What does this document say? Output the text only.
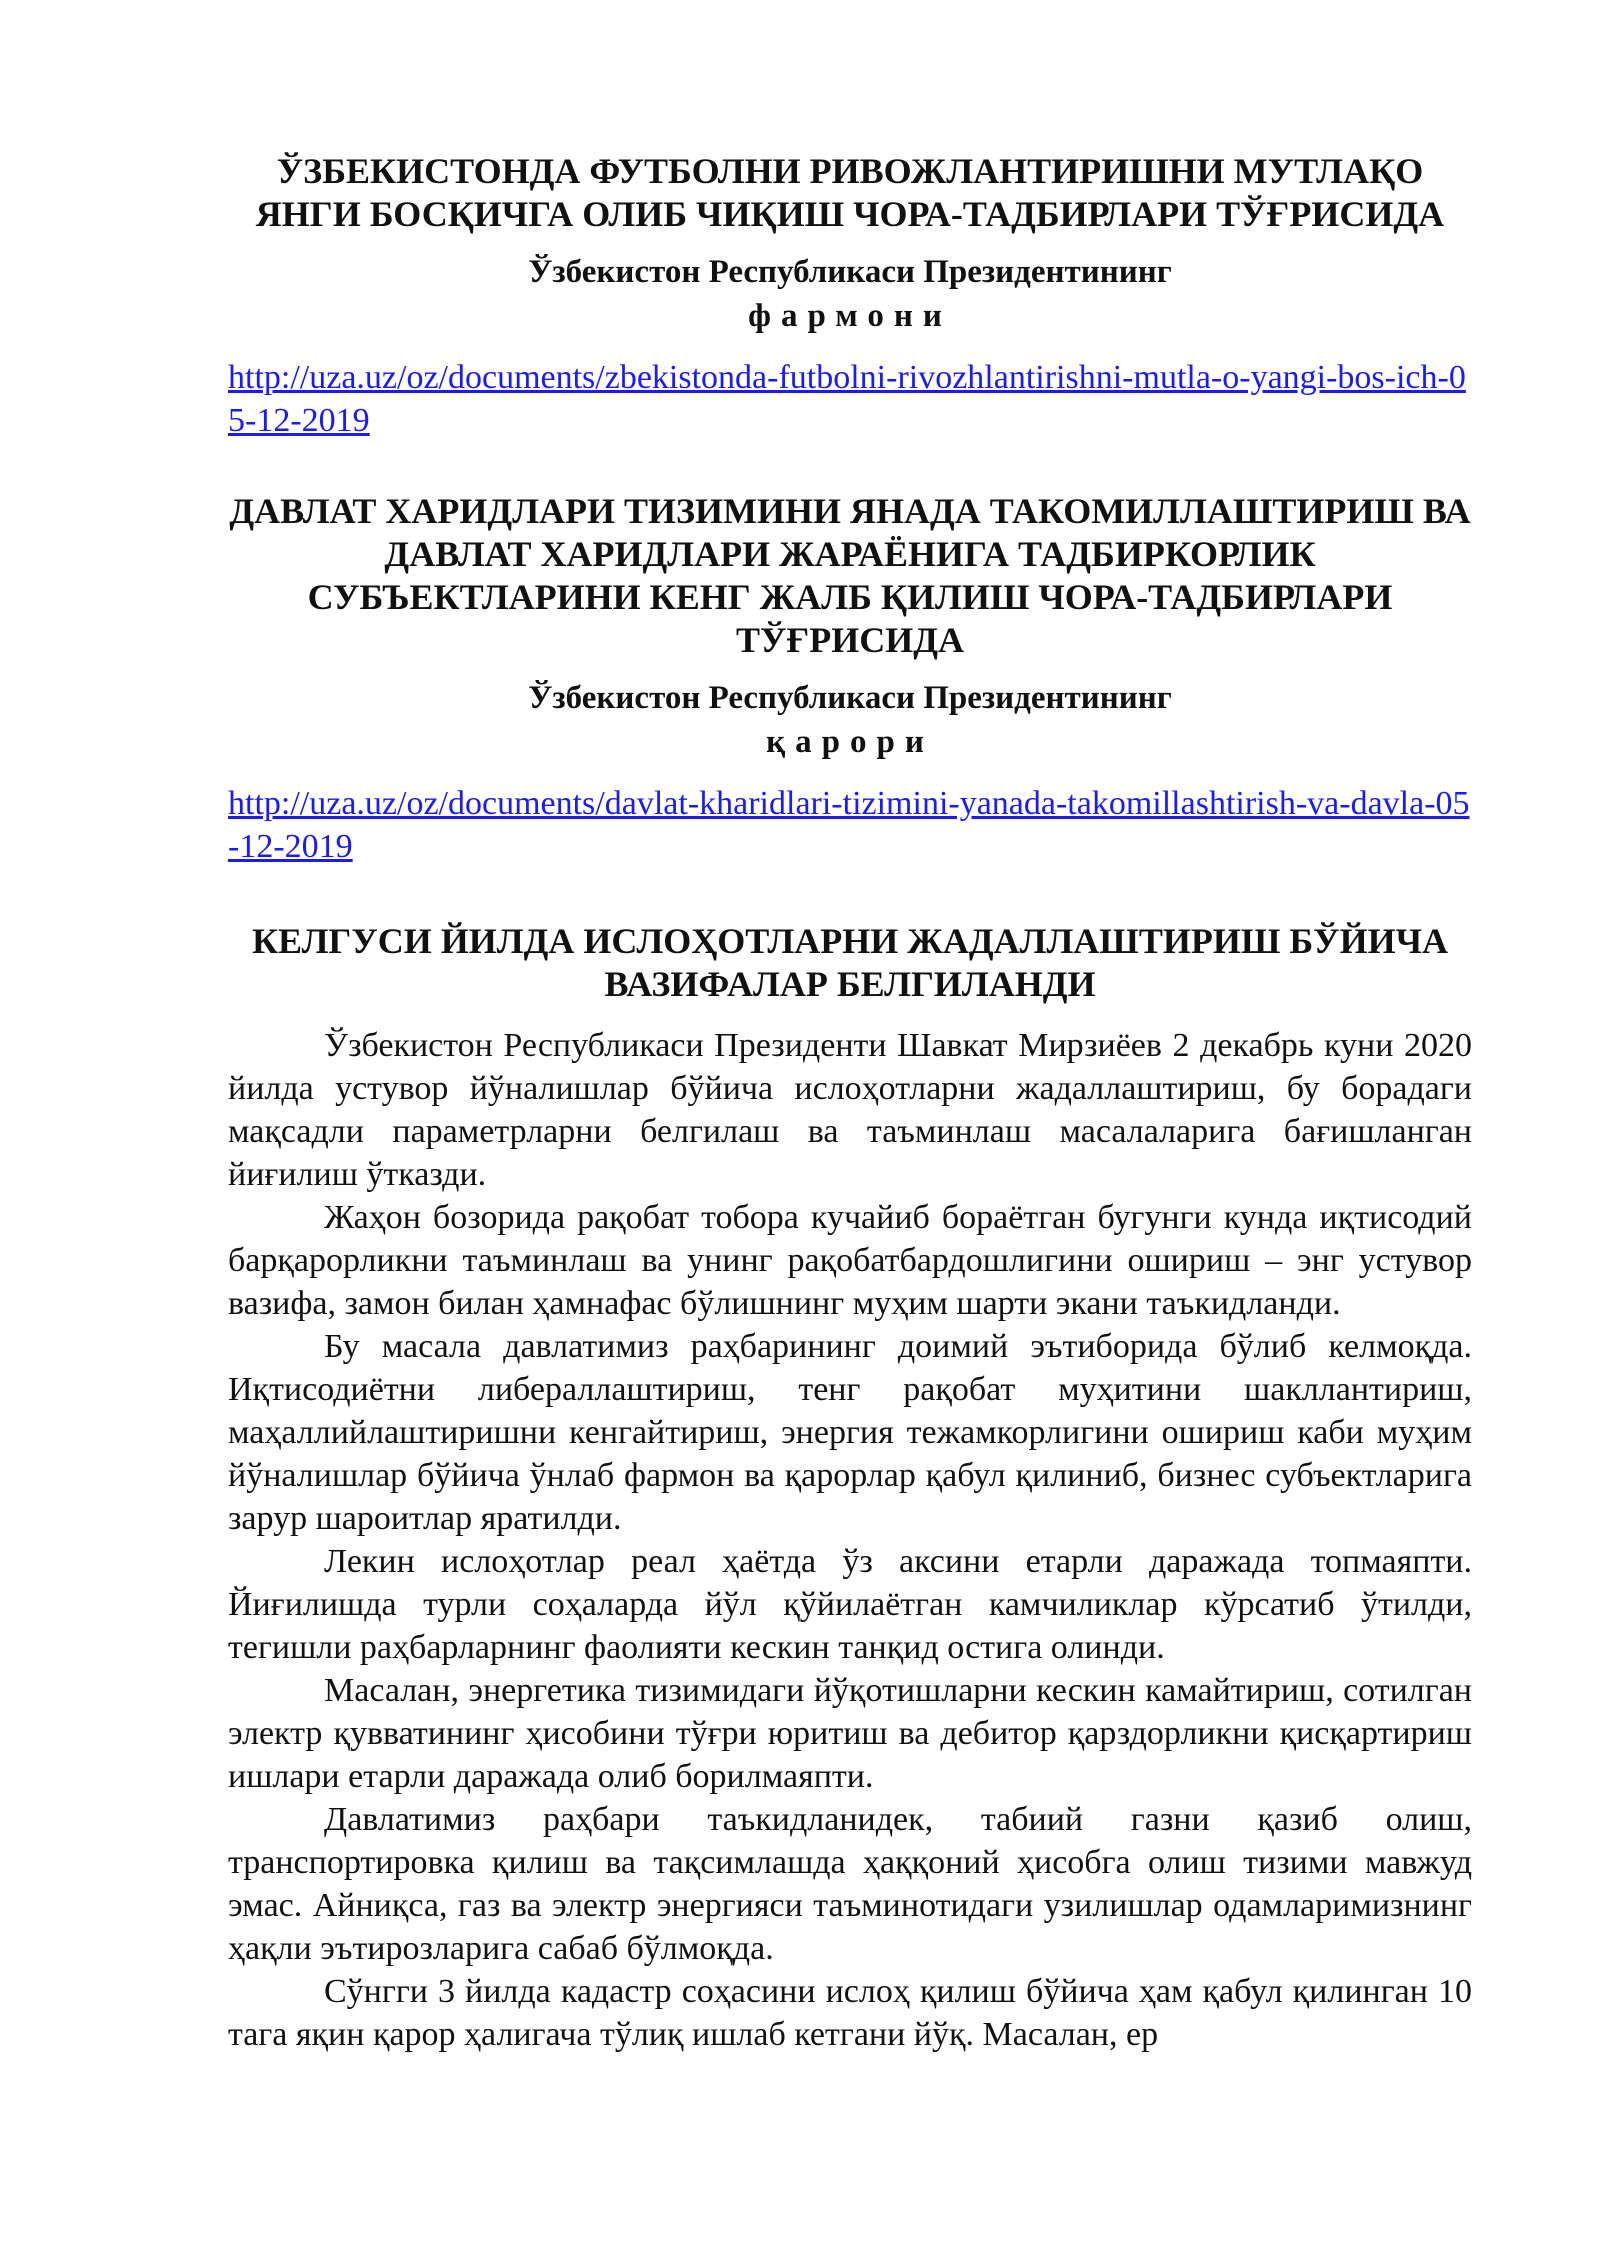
ЎЗБЕКИСТОНДА ФУТБОЛНИ РИВОЖЛАНТИРИШНИ МУТЛАҚО ЯНГИ БОСҚИЧГА ОЛИБ ЧИҚИШ ЧОРА-ТАДБИРЛАРИ ТЎҒРИСИДА

Ўзбекистон Республикаси Президентининг

фармони

http://uza.uz/oz/documents/zbekistonda-futbolni-rivozhlantirishni-mutla-o-yangi-bos-ich-05-12-2019
ДАВЛАТ ХАРИДЛАРИ ТИЗИМИНИ ЯНАДА ТАКОМИЛЛАШТИРИШ ВА ДАВЛАТ ХАРИДЛАРИ ЖАРАЁНИГА ТАДБИРКОРЛИК СУБЪЕКТЛАРИНИ КЕНГ ЖАЛБ ҚИЛИШ ЧОРА-ТАДБИРЛАРИ ТЎҒРИСИДА

Ўзбекистон Республикаси Президентининг

қарори

http://uza.uz/oz/documents/davlat-kharidlari-tizimini-yanada-takomillashtirish-va-davla-05-12-2019
КЕЛГУСИ ЙИЛДА ИСЛОҲОТЛАРНИ ЖАДАЛЛАШТИРИШ БЎЙИЧА ВАЗИФАЛАР БЕЛГИЛАНДИ

Ўзбекистон Республикаси Президенти Шавкат Мирзиёев 2 декабрь куни 2020 йилда устувор йўналишлар бўйича ислоҳотларни жадаллаштириш, бу борадаги мақсадли параметрларни белгилаш ва таъминлаш масалаларига бағишланган йиғилиш ўтказди.

Жаҳон бозорида рақобат тобора кучайиб бораётган бугунги кунда иқтисодий барқарорликни таъминлаш ва унинг рақобатбардошлигини ошириш – энг устувор вазифа, замон билан ҳамнафас бўлишнинг муҳим шарти экани таъкидланди.

Бу масала давлатимиз раҳбарининг доимий эътиборида бўлиб келмоқда. Иқтисодиётни либераллаштириш, тенг рақобат муҳитини шакллантириш, маҳаллийлаштиришни кенгайтириш, энергия тежамкорлигини ошириш каби муҳим йўналишлар бўйича ўнлаб фармон ва қарорлар қабул қилиниб, бизнес субъектларига зарур шароитлар яратилди.

Лекин ислоҳотлар реал ҳаётда ўз аксини етарли даражада топмаяпти. Йиғилишда турли соҳаларда йўл қўйилаётган камчиликлар кўрсатиб ўтилди, тегишли раҳбарларнинг фаолияти кескин танқид остига олинди.

Масалан, энергетика тизимидаги йўқотишларни кескин камайтириш, сотилган электр қувватининг ҳисобини тўғри юритиш ва дебитор қарздорликни қисқартириш ишлари етарли даражада олиб борилмаяпти.

Давлатимиз раҳбари таъкидланидек, табиий газни қазиб олиш, транспортировка қилиш ва тақсимлашда ҳаққоний ҳисобга олиш тизими мавжуд эмас. Айниқса, газ ва электр энергияси таъминотидаги узилишлар одамларимизнинг ҳақли эътирозларига сабаб бўлмоқда.

Сўнгги 3 йилда кадастр соҳасини ислоҳ қилиш бўйича ҳам қабул қилинган 10 тага яқин қарор ҳалигача тўлиқ ишлаб кетгани йўқ. Масалан, ер
